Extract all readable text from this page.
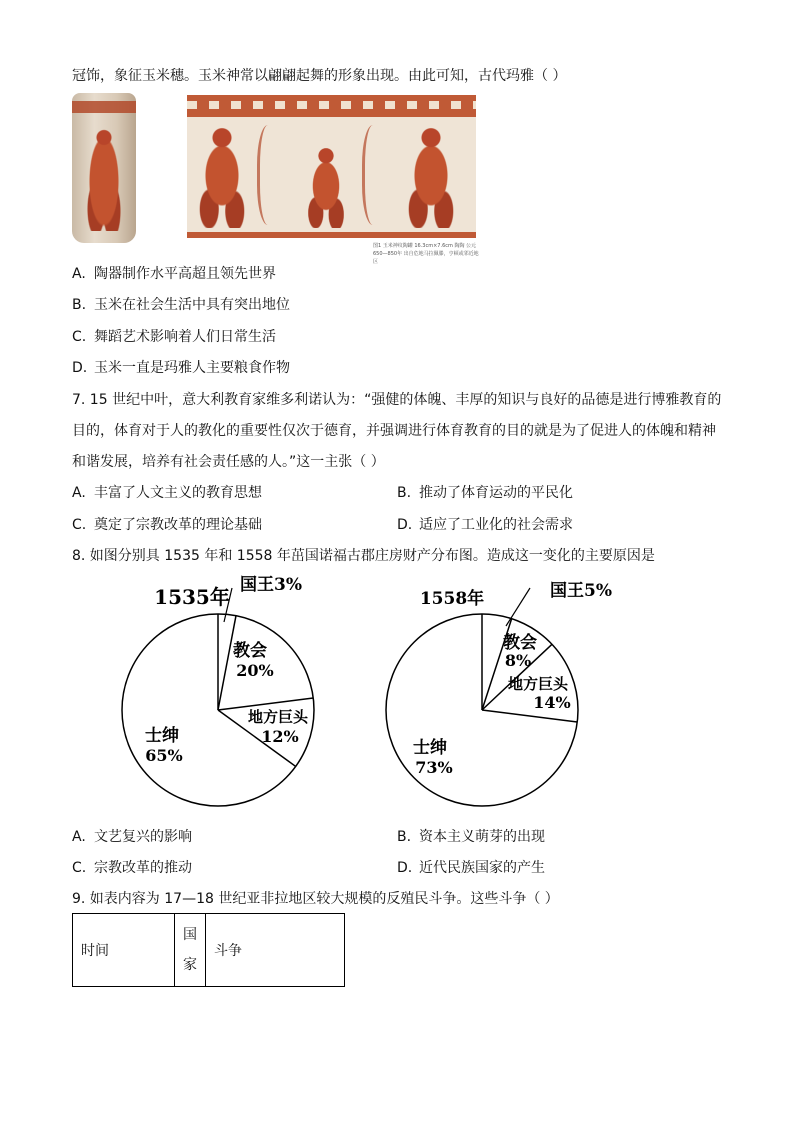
冠饰，象征玉米穗。玉米神常以翩翩起舞的形象出现。由此可知，古代玛雅（ ）
图1 玉米神纹陶罐 16.3cm×7.6cm 陶陶 公元650—850年 出自危地马拉佩滕，亨顿或邻近地区
A. 陶器制作水平高超且领先世界
B. 玉米在社会生活中具有突出地位
C. 舞蹈艺术影响着人们日常生活
D. 玉米一直是玛雅人主要粮食作物
7. 15 世纪中叶，意大利教育家维多利诺认为：“强健的体魄、丰厚的知识与良好的品德是进行博雅教育的
目的，体育对于人的教化的重要性仅次于德育，并强调进行体育教育的目的就是为了促进人的体魄和精神
和谐发展，培养有社会责任感的人。”这一主张（ ）
A. 丰富了人文主义的教育思想	B. 推动了体育运动的平民化
C. 奠定了宗教改革的理论基础	D. 适应了工业化的社会需求
8. 如图分别具 1535 年和 1558 年茁国诺福古郡庄房财产分布图。造成这一变化的主要原因是
1535年 国王3%
教会
20%
地方巨头
12%
士绅
65%
1558年	国王5%
教会
8%
地方巨头
14%
士绅
73%
A. 文艺复兴的影响	B. 资本主义萌芽的出现
C. 宗教改革的推动	D. 近代民族国家的产生
9. 如表内容为 17—18 世纪亚非拉地区较大规模的反殖民斗争。这些斗争（ ）
时间	国家	斗争
